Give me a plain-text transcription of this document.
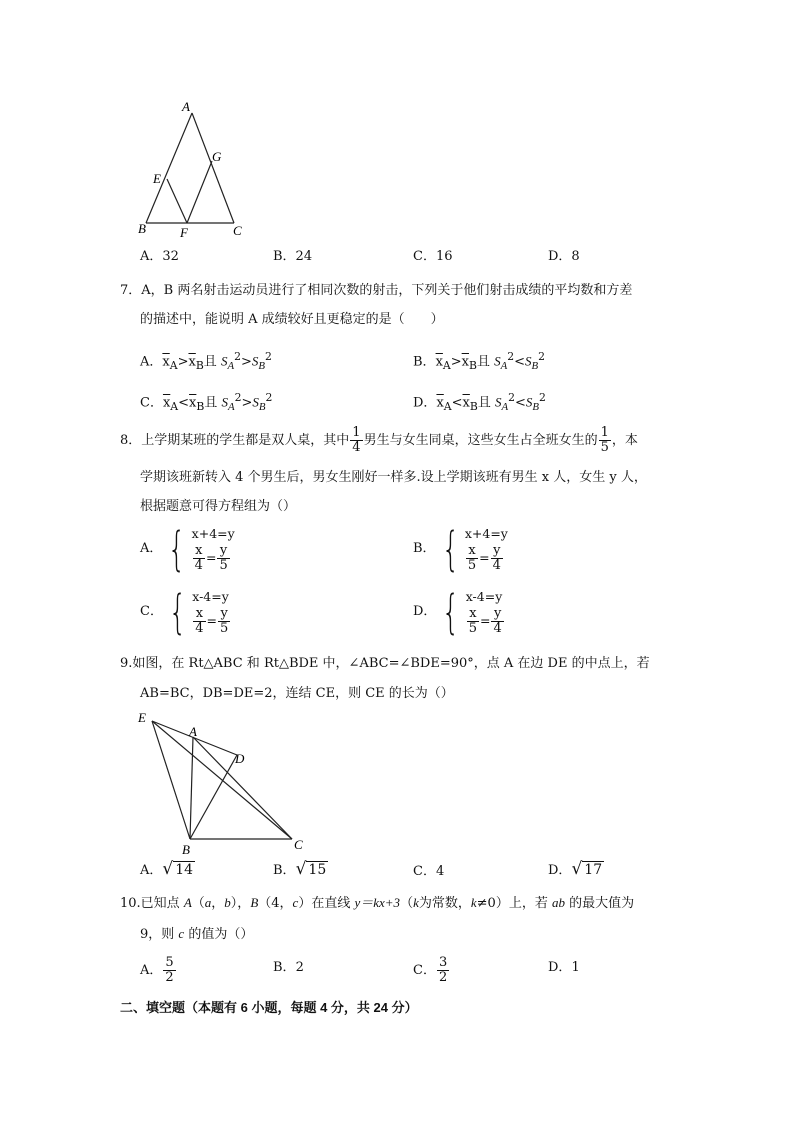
A
E
G
B	F	C
A．32	B．24	C．16	D．8
7．A，B 两名射击运动员进行了相同次数的射击，下列关于他们射击成绩的平均数和方差
的描述中，能说明 A 成绩较好且更稳定的是（　　）
A．$\overline{x}_A>\overline{x}_B$且 $S_A^2>S_B^2$	B．$\overline{x}_A>\overline{x}_B$且 $S_A^2<S_B^2$
C．$\overline{x}_A<\overline{x}_B$且 $S_A^2>S_B^2$	D．$\overline{x}_A<\overline{x}_B$且 $S_A^2<S_B^2$
8．上学期某班的学生都是双人桌，其中 $\frac{1}{4}$ 男生与女生同桌，这些女生占全班女生的 $\frac{1}{5}$ ，本
学期该班新转入 4 个男生后，男女生刚好一样多.设上学期该班有男生 x 人，女生 y 人，
根据题意可得方程组为（）
A． { x+4=y
$\frac{x}{4} = \frac{y}{5}$	B． { x+4=y
$\frac{x}{5} = \frac{y}{4}$
C． { x-4=y
$\frac{x}{4} = \frac{y}{5}$	D． { x-4=y
$\frac{x}{5} = \frac{y}{4}$
9.如图，在 Rt△ABC 和 Rt△BDE 中，∠ABC=∠BDE=90°，点 A 在边 DE 的中点上，若
AB=BC，DB=DE=2，连结 CE，则 CE 的长为（）
E
A
D
B	C
A． √ 14	B． √ 15	C．4	D． √ 17
10.已知点 A（a，b），B（4，c）在直线 y＝kx+3（k为常数，k≠0）上，若 ab 的最大值为
9，则 c 的值为（）
A． $\frac{5}{2}$	B．2	C． $\frac{3}{2}$	D．1
二、填空题（本题有 6 小题，每题 4 分，共 24 分）
